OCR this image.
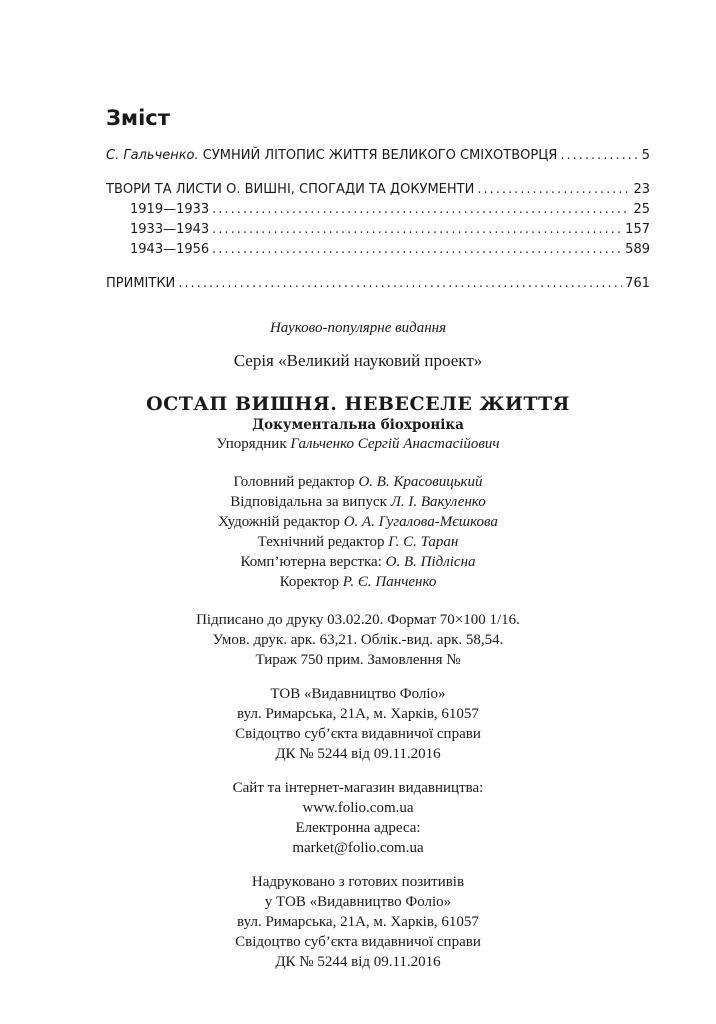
Зміст
С. Гальченко. СУМНИЙ ЛІТОПИС ЖИТТЯ ВЕЛИКОГО СМІХОТВОРЦЯ .....	5
ТВОРИ ТА ЛИСТИ О. ВИШНІ, СПОГАДИ ТА ДОКУМЕНТИ .....	23
1919—1933 .....	25
1933—1943 .....	157
1943—1956 .....	589
ПРИМІТКИ .....	761

Науково-популярне видання

Серія «Великий науковий проект»

ОСТАП ВИШНЯ. НЕВЕСЕЛЕ ЖИТТЯ

Документальна біохроніка

Упорядник Гальченко Сергій Анастасійович

Головний редактор О. В. Красовицький

Відповідальна за випуск Л. І. Вакуленко

Художній редактор О. А. Гугалова-Мєшкова

Технічний редактор Г. С. Таран

Комп’ютерна верстка: О. В. Підлісна

Коректор Р. Є. Панченко

Підписано до друку 03.02.20. Формат 70×100 1/16.

Умов. друк. арк. 63,21. Облік.-вид. арк. 58,54.

Тираж 750 прим. Замовлення №

ТОВ «Видавництво Фоліо»

вул. Римарська, 21А, м. Харків, 61057

Свідоцтво суб’єкта видавничої справи

ДК № 5244 від 09.11.2016

Сайт та інтернет-магазин видавництва:

www.folio.com.ua

Електронна адреса:

market@folio.com.ua

Надруковано з готових позитивів

у ТОВ «Видавництво Фоліо»

вул. Римарська, 21А, м. Харків, 61057

Свідоцтво суб’єкта видавничої справи

ДК № 5244 від 09.11.2016
